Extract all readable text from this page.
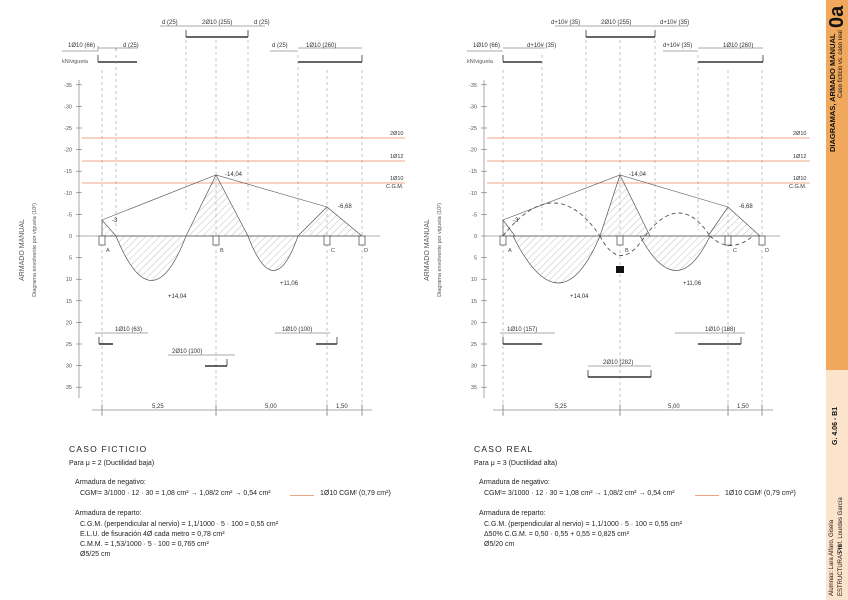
1Ø10 (66)	d (25)
d (25)	2Ø10 (255)	d (25)
d (25)	1Ø10 (260)
kN/vigueta
-35
-30
-25
-20
-15
-10
-5
0
5
10
15
20
25
30
35
ARMADO MANUAL Diagrama envolvente por vigueta (10²)
2Ø10
1Ø12
1Ø10
C.G.M.
A	B	C	D
-3
-14,04
-6,68
+14,04
+11,06
1Ø10 (63)
2Ø10 (100)
1Ø10 (100)
5,25	5,00	1,50
1Ø10 (66)	d+10# (35)
d+10# (35)	2Ø10 (255)	d+10# (35)
d+10# (35)	1Ø10 (260)
kN/vigueta
-35
-30
-25
-20
-15
-10
-5
0
5
10
15
20
25
30
35
ARMADO MANUAL Diagrama envolvente por vigueta (10²)
2Ø10
1Ø12
1Ø10
C.G.M.
A	B	C	D
-3
-14,04
-6,68
+14,04
+11,06
1Ø10 (157)
2Ø10 (282)
1Ø10 (188)
5,25	5,00	1,50
CASO FICTICIO
Para μ = 2 (Ductilidad baja)
Armadura de negativo:
CGMᵗ= 3/1000 · 12 · 30 = 1,08 cm² → 1,08/2 cm² → 0,54 cm²	1Ø10 CGMᵗ (0,79 cm²)
Armadura de reparto:
C.G.M. (perpendicular al nervio) = 1,1/1000 · 5 · 100 = 0,55 cm²
E.L.U. de fisuración 4Ø cada metro = 0,78 cm²
C.M.M. = 1,53/1000 · 5 · 100 = 0,765 cm²
Ø5/25 cm
CASO REAL
Para μ = 3 (Ductilidad alta)
Armadura de negativo:
CGMᵗ= 3/1000 · 12 · 30 = 1,08 cm² → 1,08/2 cm² → 0,54 cm²	1Ø10 CGMᵗ (0,79 cm²)
Armadura de reparto:
C.G.M. (perpendicular al nervio) = 1,1/1000 · 5 · 100 = 0,55 cm²
Δ50% C.G.M. = 0,50 · 0,55 + 0,55 = 0,825 cm²
Ø5/20 cm
0a
DIAGRAMAS, ARMADO MANUAL Caso ficticio vs. caso real
G. 4.06 - B1
Alumnas: Lara Alfaro, Gisela ESTRUCTURAS III
Prof. Lourdes García
